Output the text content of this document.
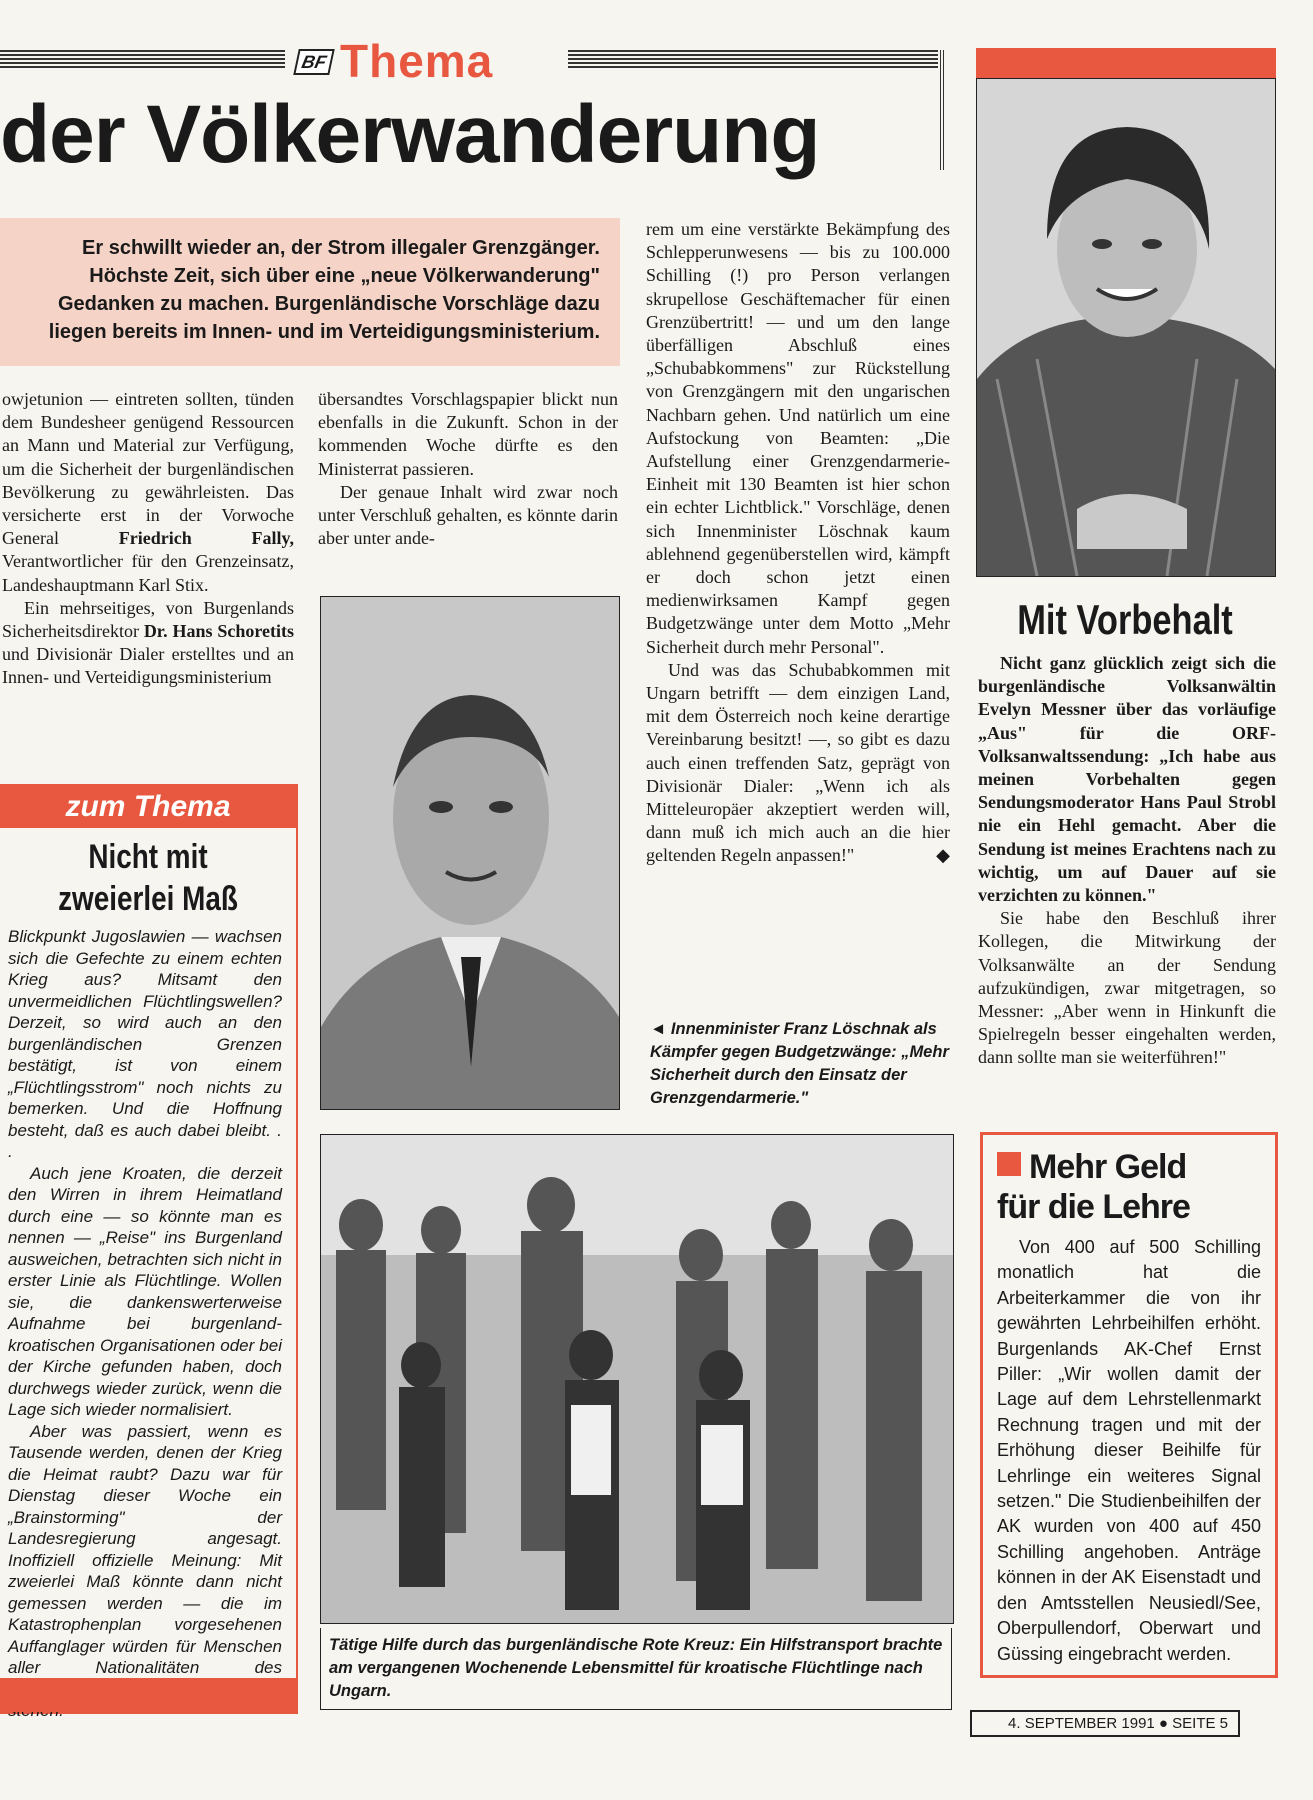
BF Thema
der Völkerwanderung
Er schwillt wieder an, der Strom illegaler Grenzgänger. Höchste Zeit, sich über eine „neue Völkerwanderung" Gedanken zu machen. Burgenländische Vorschläge dazu liegen bereits im Innen- und im Verteidigungsministerium.

owjetunion — eintreten sollten, tünden dem Bundesheer genügend Ressourcen an Mann und Material zur Verfügung, um die Sicherheit der burgenländischen Bevölkerung zu gewährleisten. Das versicherte erst in der Vorwoche General Friedrich Fally, Verantwortlicher für den Grenzeinsatz, Landeshauptmann Karl Stix.

Ein mehrseitiges, von Burgenlands Sicherheitsdirektor Dr. Hans Schoretits und Divisionär Dialer erstelltes und an Innen- und Verteidigungsministerium

übersandtes Vorschlagspapier blickt nun ebenfalls in die Zukunft. Schon in der kommenden Woche dürfte es den Ministerrat passieren.

Der genaue Inhalt wird zwar noch unter Verschluß gehalten, es könnte darin aber unter ande-

rem um eine verstärkte Bekämpfung des Schlepperunwesens — bis zu 100.000 Schilling (!) pro Person verlangen skrupellose Geschäftemacher für einen Grenzübertritt! — und um den lange überfälligen Abschluß eines „Schubabkommens" zur Rückstellung von Grenzgängern mit den ungarischen Nachbarn gehen. Und natürlich um eine Aufstockung von Beamten: „Die Aufstellung einer Grenzgendarmerie-Einheit mit 130 Beamten ist hier schon ein echter Lichtblick." Vorschläge, denen sich Innenminister Löschnak kaum ablehnend gegenüberstellen wird, kämpft er doch schon jetzt einen medienwirksamen Kampf gegen Budgetzwänge unter dem Motto „Mehr Sicherheit durch mehr Personal".

Und was das Schubabkommen mit Ungarn betrifft — dem einzigen Land, mit dem Österreich noch keine derartige Vereinbarung besitzt! —, so gibt es dazu auch einen treffenden Satz, geprägt von Divisionär Dialer: „Wenn ich als Mitteleuropäer akzeptiert werden will, dann muß ich mich auch an die hier geltenden Regeln anpassen!"	◆

◄ Innenminister Franz Löschnak als Kämpfer gegen Budgetzwänge: „Mehr Sicherheit durch den Einsatz der Grenzgendarmerie."
zum Thema
Nicht mit zweierlei Maß

Blickpunkt Jugoslawien — wachsen sich die Gefechte zu einem echten Krieg aus? Mitsamt den unvermeidlichen Flüchtlingswellen? Derzeit, so wird auch an den burgenländischen Grenzen bestätigt, ist von einem „Flüchtlingsstrom" noch nichts zu bemerken. Und die Hoffnung besteht, daß es auch dabei bleibt. . .

Auch jene Kroaten, die derzeit den Wirren in ihrem Heimatland durch eine — so könnte man es nennen — „Reise" ins Burgenland ausweichen, betrachten sich nicht in erster Linie als Flüchtlinge. Wollen sie, die dankenswerterweise Aufnahme bei burgenland-kroatischen Organisationen oder bei der Kirche gefunden haben, doch durchwegs wieder zurück, wenn die Lage sich wieder normalisiert.

Aber was passiert, wenn es Tausende werden, denen der Krieg die Heimat raubt? Dazu war für Dienstag dieser Woche ein „Brainstorming" der Landesregierung angesagt. Inoffiziell offizielle Meinung: Mit zweierlei Maß könnte dann nicht gemessen werden — die im Katastrophenplan vorgesehenen Auffanglager würden für Menschen aller Nationalitäten des

Tätige Hilfe durch das burgenländische Rote Kreuz: Ein Hilfstransport brachte am vergangenen Wochenende Lebensmittel für kroatische Flüchtlinge nach Ungarn.
Mit Vorbehalt

Nicht ganz glücklich zeigt sich die burgenländische Volksanwältin Evelyn Messner über das vorläufige „Aus" für die ORF-Volksanwaltssendung: „Ich habe aus meinen Vorbehalten gegen Sendungsmoderator Hans Paul Strobl nie ein Hehl gemacht. Aber die Sendung ist meines Erachtens nach zu wichtig, um auf Dauer auf sie verzichten zu können."

Sie habe den Beschluß ihrer Kollegen, die Mitwirkung der Volksanwälte an der Sendung aufzukündigen, zwar mitgetragen, so Messner: „Aber wenn in Hinkunft die Spielregeln besser eingehalten werden, dann sollte man sie weiterführen!"

Mehr Geld
für die Lehre
Von 400 auf 500 Schilling monatlich hat die Arbeiterkammer die von ihr gewährten Lehrbeihilfen erhöht. Burgenlands AK-Chef Ernst Piller: „Wir wollen damit der Lage auf dem Lehrstellenmarkt Rechnung tragen und mit der Erhöhung dieser Beihilfe für Lehrlinge ein weiteres Signal setzen." Die Studienbeihilfen der AK wurden von 400 auf 450 Schilling angehoben. Anträge können in der AK Eisenstadt und den Amtsstellen Neusiedl/See, Oberpullendorf, Oberwart und Güssing eingebracht werden.
4. SEPTEMBER 1991 ● SEITE 5
